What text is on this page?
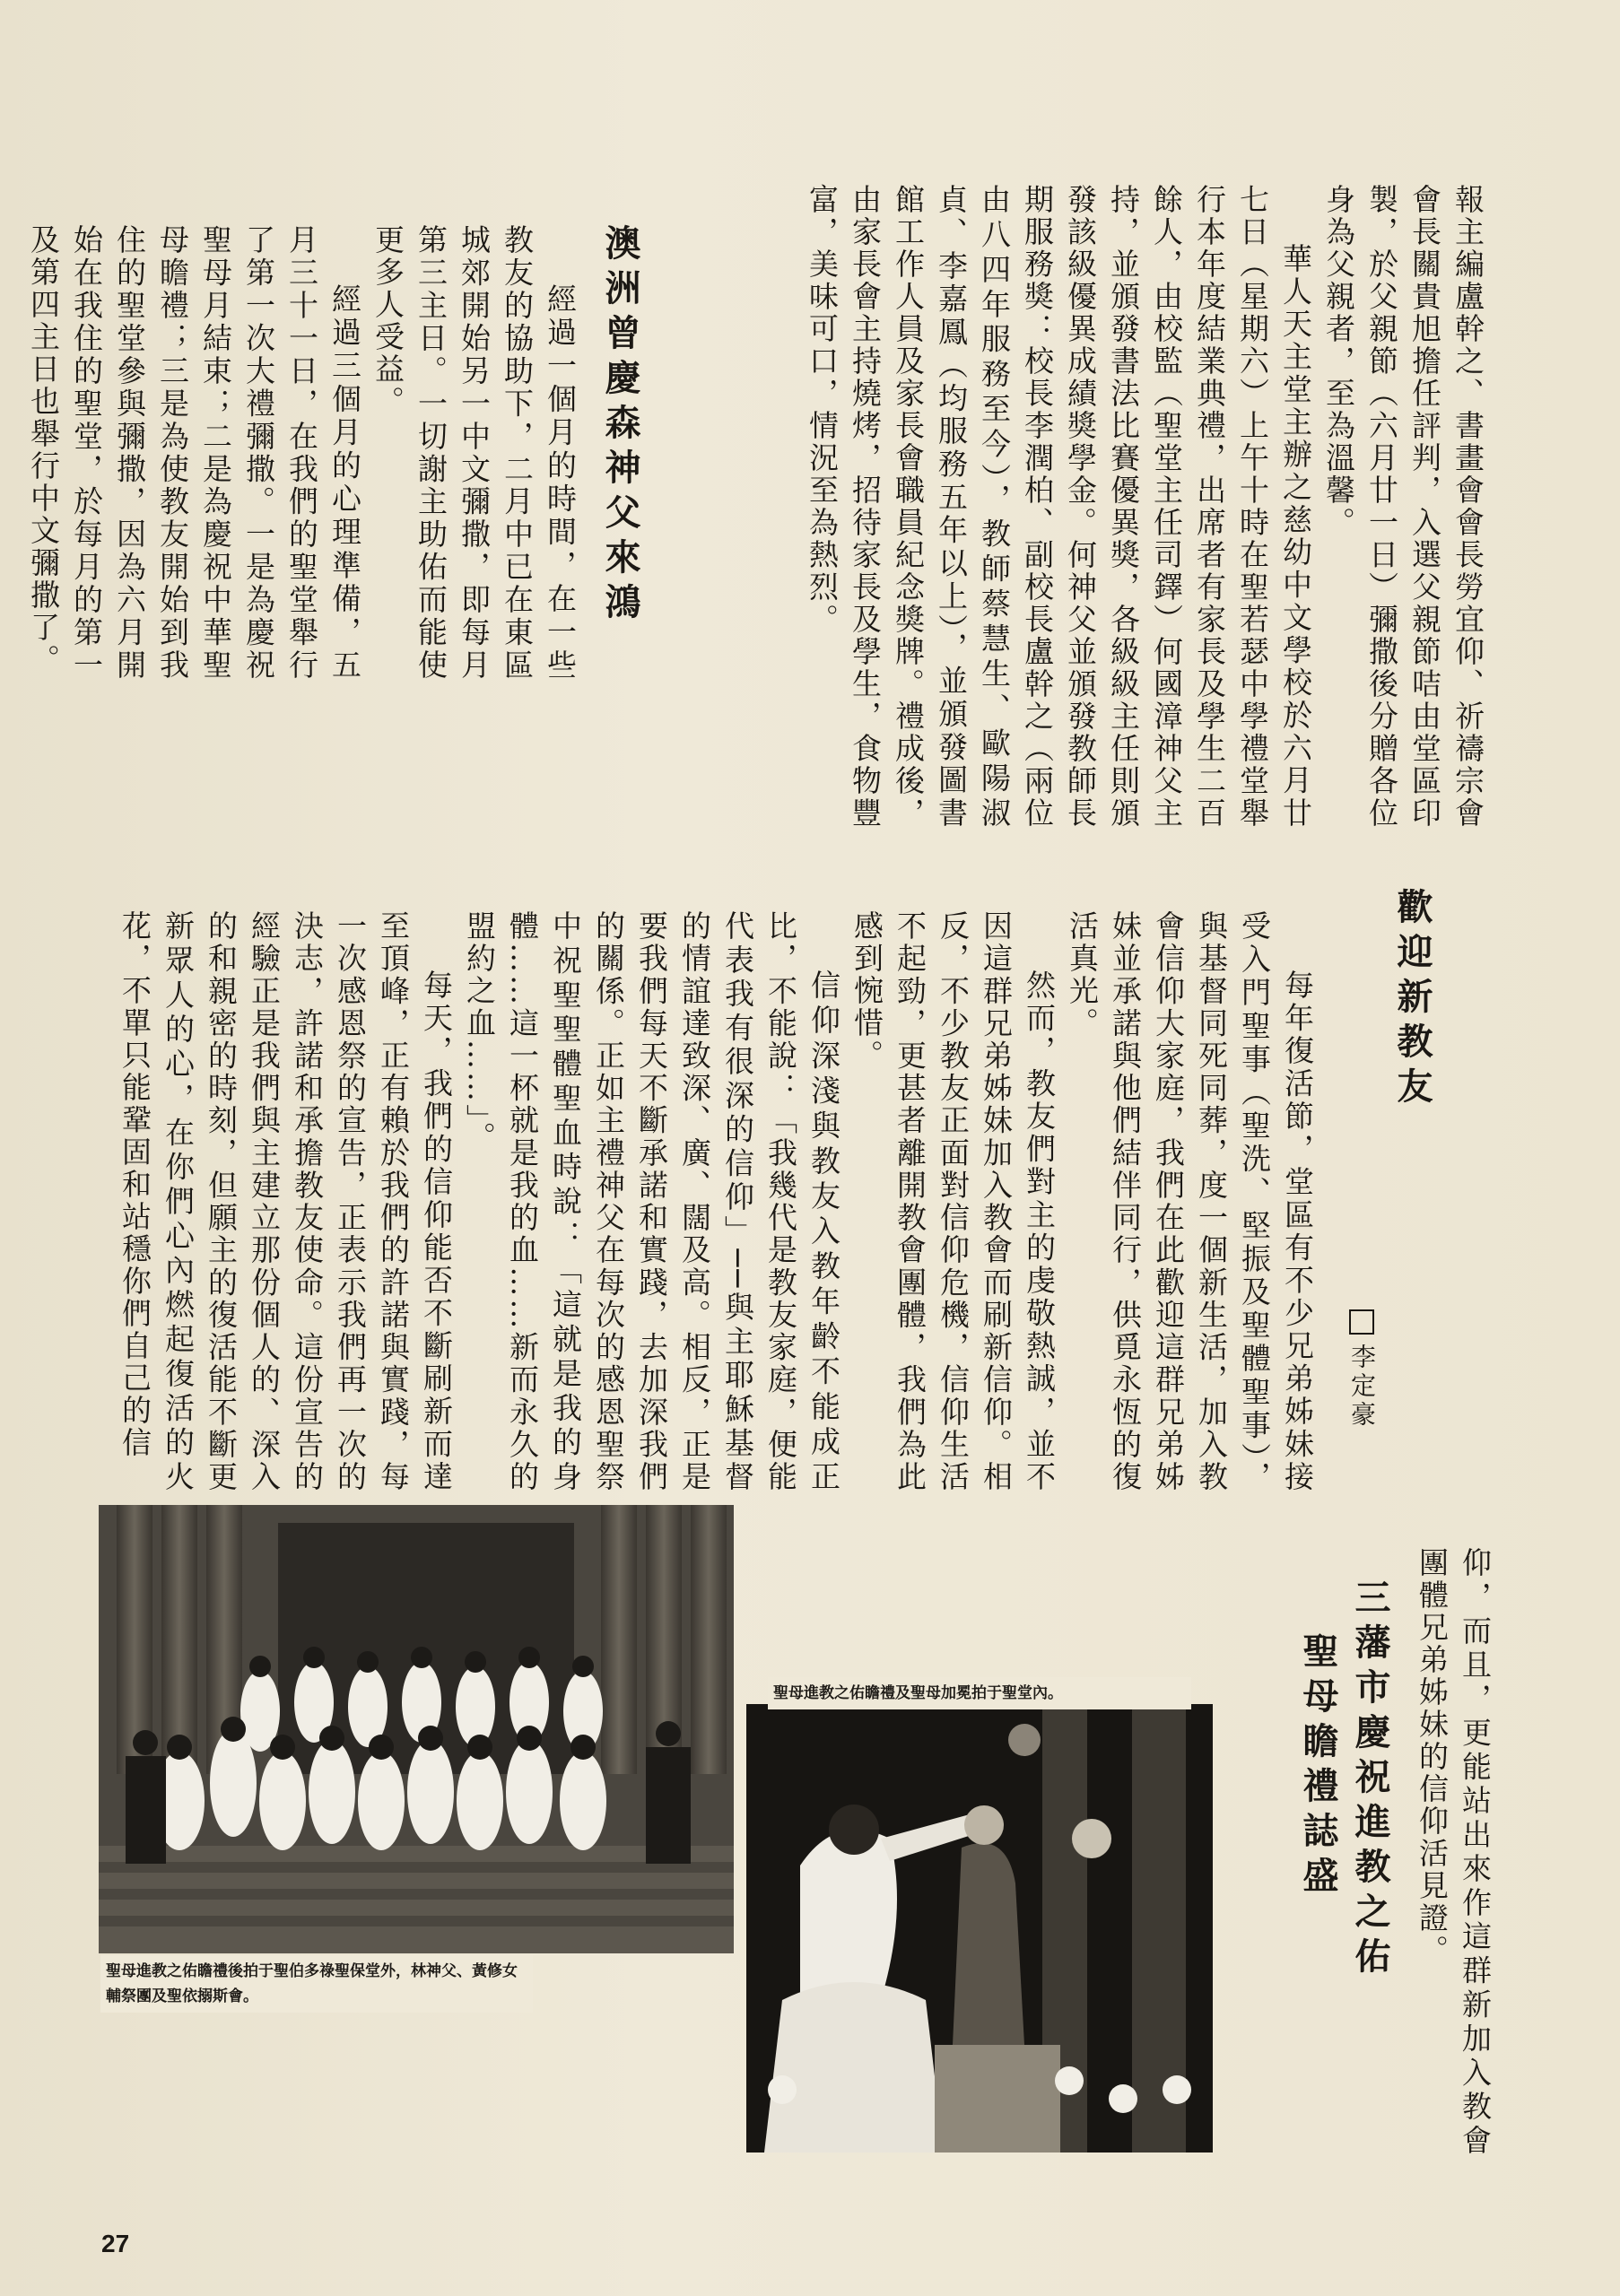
報主編盧幹之、書畫會會長勞宜仰、祈禱宗會會長關貴旭擔任評判，入選父親節咭由堂區印製，於父親節（六月廿一日）彌撒後分贈各位身為父親者，至為溫馨。

華人天主堂主辦之慈幼中文學校於六月廿七日（星期六）上午十時在聖若瑟中學禮堂舉行本年度結業典禮，出席者有家長及學生二百餘人，由校監（聖堂主任司鐸）何國漳神父主持，並頒發書法比賽優異獎，各級級主任則頒發該級優異成績獎學金。何神父並頒發教師長期服務獎：校長李潤柏、副校長盧幹之（兩位由八四年服務至今），教師蔡慧生、歐陽淑貞、李嘉鳳（均服務五年以上），並頒發圖書館工作人員及家長會職員紀念獎牌。禮成後，由家長會主持燒烤，招待家長及學生，食物豐富，美味可口，情況至為熱烈。

澳洲曾慶森神父來鴻

經過一個月的時間，在一些教友的協助下，二月中已在東區城郊開始另一中文彌撒，即每月第三主日。一切謝主助佑而能使更多人受益。

經過三個月的心理準備，五月三十一日，在我們的聖堂舉行了第一次大禮彌撒。一是為慶祝聖母月結束；二是為慶祝中華聖母瞻禮；三是為使教友開始到我住的聖堂參與彌撒，因為六月開始在我住的聖堂，於每月的第一及第四主日也舉行中文彌撒了。

歡迎新教友
李定豪

每年復活節，堂區有不少兄弟姊妹接受入門聖事（聖洗、堅振及聖體聖事），與基督同死同葬，度一個新生活，加入教會信仰大家庭，我們在此歡迎這群兄弟姊妹並承諾與他們結伴同行，供覓永恆的復活真光。

然而，教友們對主的虔敬熱誠，並不因這群兄弟姊妹加入教會而刷新信仰。相反，不少教友正面對信仰危機，信仰生活不起勁，更甚者離開教會團體，我們為此感到惋惜。

信仰深淺與教友入教年齡不能成正比，不能說：「我幾代是教友家庭，便能代表我有很深的信仰」──與主耶穌基督的情誼達致深、廣、闊及高。相反，正是要我們每天不斷承諾和實踐，去加深我們的關係。正如主禮神父在每次的感恩聖祭中祝聖聖體聖血時說：「這就是我的身體……這一杯就是我的血……新而永久的盟約之血……」。

每天，我們的信仰能否不斷刷新而達至頂峰，正有賴於我們的許諾與實踐，每一次感恩祭的宣告，正表示我們再一次的決志，許諾和承擔教友使命。這份宣告的經驗正是我們與主建立那份個人的、深入的和親密的時刻，但願主的復活能不斷更新眾人的心，在你們心內燃起復活的火花，不單只能鞏固和站穩你們自己的信

仰，而且，更能站出來作這群新加入教會團體兄弟姊妹的信仰活見證。

三藩市慶祝進教之佑
聖母瞻禮誌盛
聖母進教之佑瞻禮後拍于聖伯多祿聖保堂外，林神父、黃修女輔祭團及聖依搦斯會。
聖母進教之佑瞻禮及聖母加冕拍于聖堂內。
27
